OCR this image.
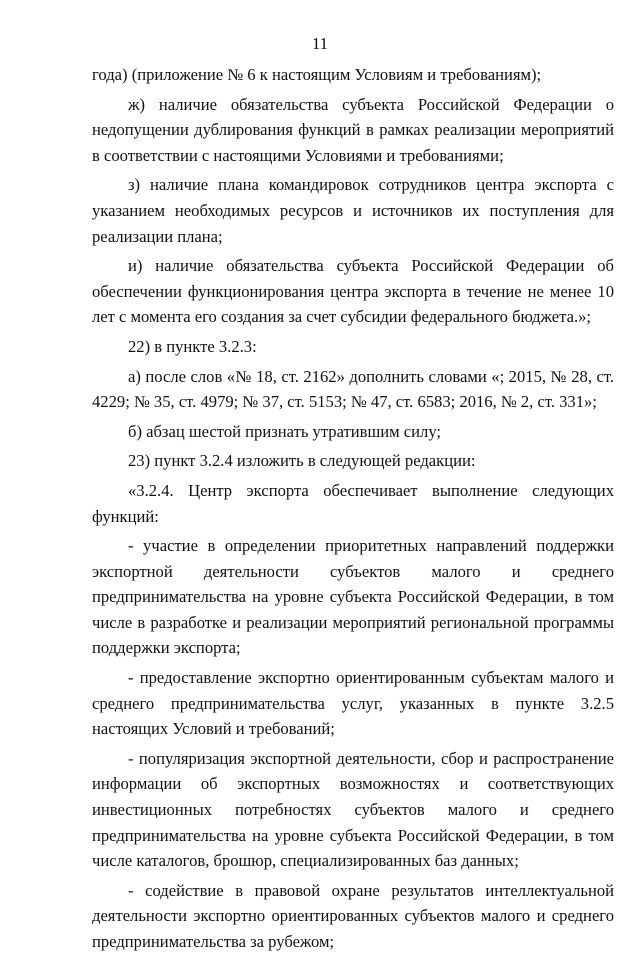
11

года) (приложение № 6 к настоящим Условиям и требованиям);

ж) наличие обязательства субъекта Российской Федерации о недопущении дублирования функций в рамках реализации мероприятий в соответствии с настоящими Условиями и требованиями;

з) наличие плана командировок сотрудников центра экспорта с указанием необходимых ресурсов и источников их поступления для реализации плана;

и) наличие обязательства субъекта Российской Федерации об обеспечении функционирования центра экспорта в течение не менее 10 лет с момента его создания за счет субсидии федерального бюджета.»;

22) в пункте 3.2.3:

а) после слов «№ 18, ст. 2162» дополнить словами «; 2015, № 28, ст. 4229; № 35, ст. 4979; № 37, ст. 5153; № 47, ст. 6583; 2016, № 2, ст. 331»;

б) абзац шестой признать утратившим силу;

23) пункт 3.2.4 изложить в следующей редакции:

«3.2.4. Центр экспорта обеспечивает выполнение следующих функций:

- участие в определении приоритетных направлений поддержки экспортной деятельности субъектов малого и среднего предпринимательства на уровне субъекта Российской Федерации, в том числе в разработке и реализации мероприятий региональной программы поддержки экспорта;

- предоставление экспортно ориентированным субъектам малого и среднего предпринимательства услуг, указанных в пункте 3.2.5 настоящих Условий и требований;

- популяризация экспортной деятельности, сбор и распространение информации об экспортных возможностях и соответствующих инвестиционных потребностях субъектов малого и среднего предпринимательства на уровне субъекта Российской Федерации, в том числе каталогов, брошюр, специализированных баз данных;

- содействие в правовой охране результатов интеллектуальной деятельности экспортно ориентированных субъектов малого и среднего предпринимательства за рубежом;
